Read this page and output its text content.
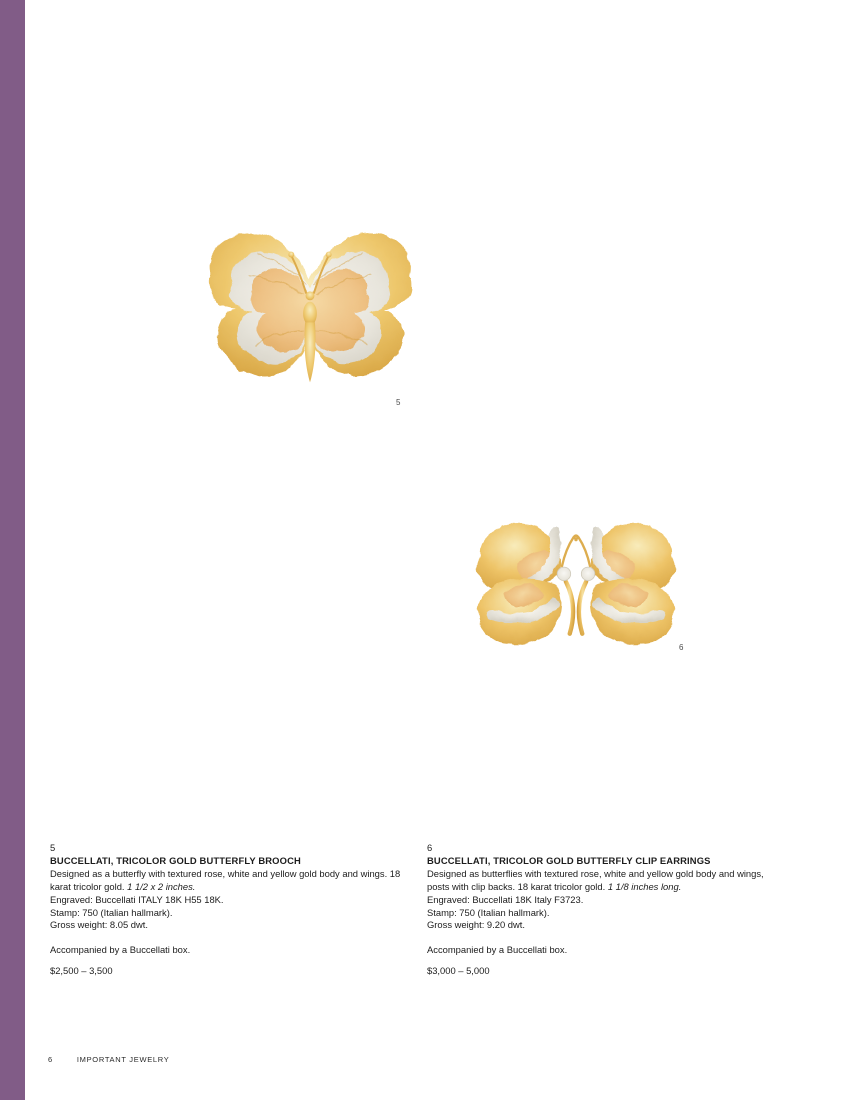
5
6

5

BUCCELLATI, TRICOLOR GOLD BUTTERFLY BROOCH

Designed as a butterfly with textured rose, white and yellow gold body and wings. 18 karat tricolor gold. 1 1/2 x 2 inches.

Engraved: Buccellati ITALY 18K H55 18K.

Stamp: 750 (Italian hallmark).

Gross weight: 8.05 dwt.

Accompanied by a Buccellati box.

$2,500 – 3,500

6

BUCCELLATI, TRICOLOR GOLD BUTTERFLY CLIP EARRINGS

Designed as butterflies with textured rose, white and yellow gold body and wings, posts with clip backs. 18 karat tricolor gold. 1 1/8 inches long.

Engraved: Buccellati 18K Italy F3723.

Stamp: 750 (Italian hallmark).

Gross weight: 9.20 dwt.

Accompanied by a Buccellati box.

$3,000 – 5,000

6	IMPORTANT JEWELRY
